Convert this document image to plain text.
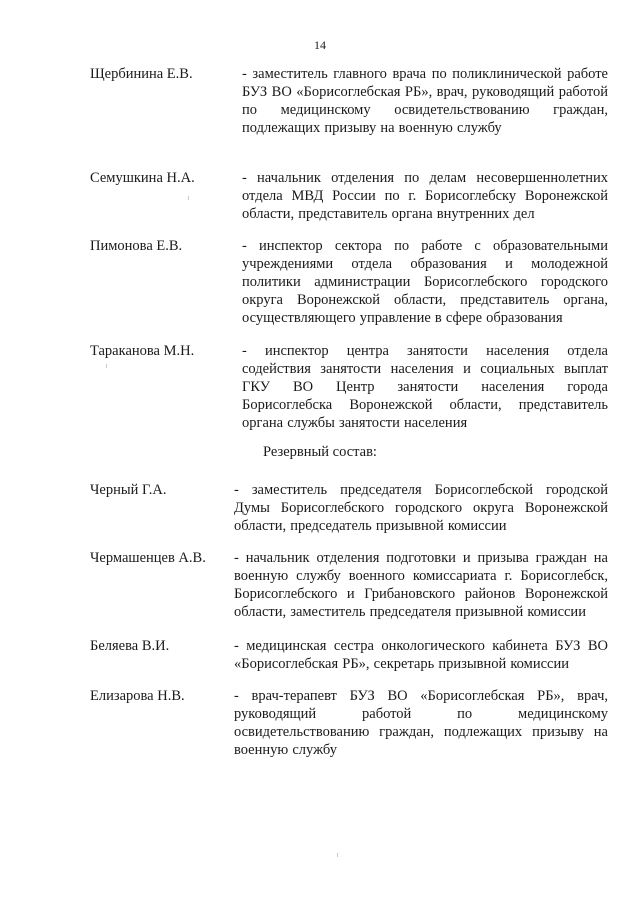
14
Щербинина Е.В.	- заместитель главного врача по поликлинической работе БУЗ ВО «Борисоглебская РБ», врач, руководящий работой по медицинскому освидетельствованию граждан, подлежащих призыву на военную службу
Семушкина Н.А.	- начальник отделения по делам несовершеннолетних отдела МВД России по г. Борисоглебску Воронежской области, представитель органа внутренних дел
Пимонова Е.В.	- инспектор сектора по работе с образовательными учреждениями отдела образования и молодежной политики администрации Борисоглебского городского округа Воронежской области, представитель органа, осуществляющего управление в сфере образования
Тараканова М.Н.	- инспектор центра занятости населения отдела содействия занятости населения и социальных выплат ГКУ ВО Центр занятости населения города Борисоглебска Воронежской области, представитель органа службы занятости населения
Резервный состав:
Черный Г.А.	- заместитель председателя Борисоглебской городской Думы Борисоглебского городского округа Воронежской области, председатель призывной комиссии
Чермашенцев А.В. - начальник отделения подготовки и призыва граждан на военную службу военного комиссариата г. Борисоглебск, Борисоглебского и Грибановского районов Воронежской области, заместитель председателя призывной комиссии
Беляева В.И.	- медицинская сестра онкологического кабинета БУЗ ВО «Борисоглебская РБ», секретарь призывной комиссии
Елизарова Н.В.	- врач-терапевт БУЗ ВО «Борисоглебская РБ», врач, руководящий работой по медицинскому освидетельствованию граждан, подлежащих призыву на военную службу
